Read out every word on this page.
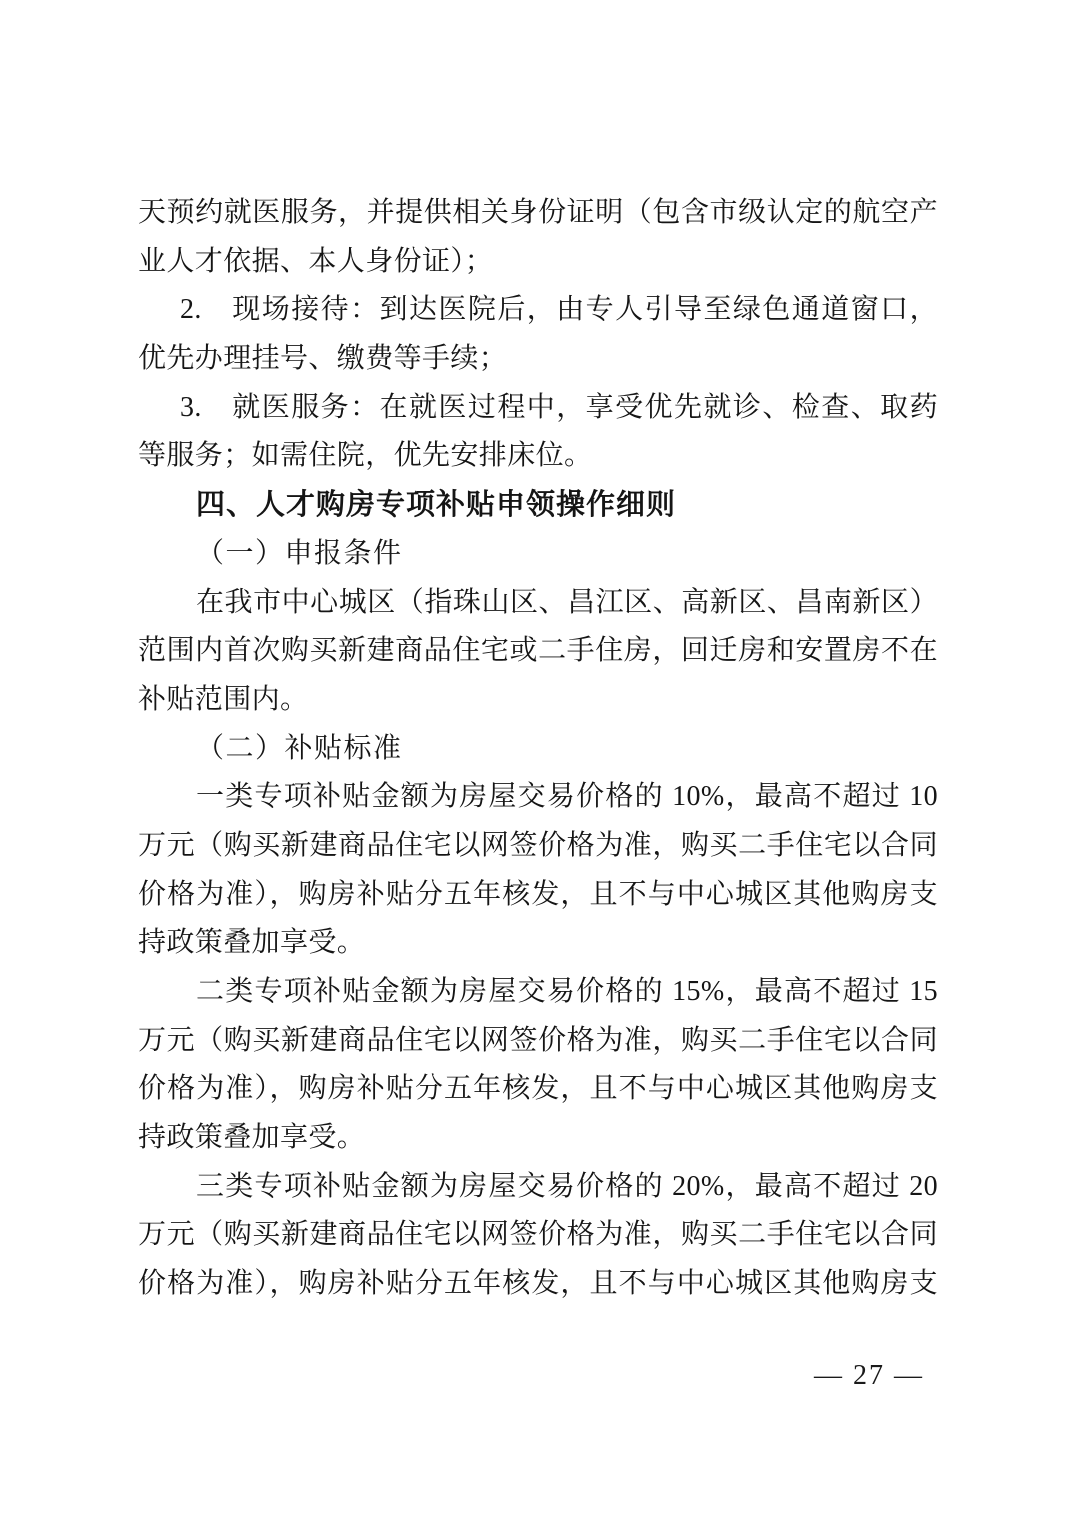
天预约就医服务，并提供相关身份证明（包含市级认定的航空产
业人才依据、本人身份证）；
2.　现场接待：到达医院后，由专人引导至绿色通道窗口，
优先办理挂号、缴费等手续；
3.　就医服务：在就医过程中，享受优先就诊、检查、取药
等服务；如需住院，优先安排床位。
四、人才购房专项补贴申领操作细则
（一）申报条件
在我市中心城区（指珠山区、昌江区、高新区、昌南新区）
范围内首次购买新建商品住宅或二手住房，回迁房和安置房不在
补贴范围内。
（二）补贴标准
一类专项补贴金额为房屋交易价格的 10%，最高不超过 10
万元（购买新建商品住宅以网签价格为准，购买二手住宅以合同
价格为准），购房补贴分五年核发，且不与中心城区其他购房支
持政策叠加享受。
二类专项补贴金额为房屋交易价格的 15%，最高不超过 15
万元（购买新建商品住宅以网签价格为准，购买二手住宅以合同
价格为准），购房补贴分五年核发，且不与中心城区其他购房支
持政策叠加享受。
三类专项补贴金额为房屋交易价格的 20%，最高不超过 20
万元（购买新建商品住宅以网签价格为准，购买二手住宅以合同
价格为准），购房补贴分五年核发，且不与中心城区其他购房支
— 27 —
